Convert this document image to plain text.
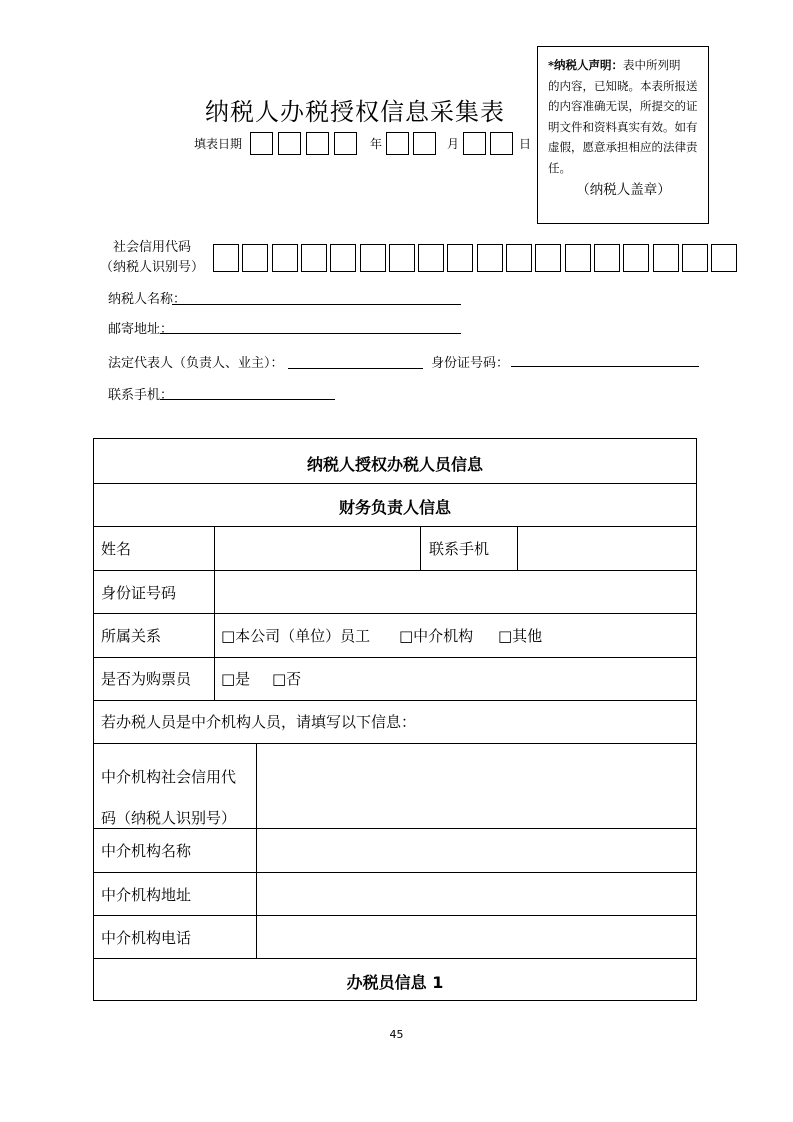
*纳税人声明：表中所列明
的内容，已知晓。本表所报送
的内容准确无误，所提交的证
明文件和资料真实有效。如有
虚假，愿意承担相应的法律责
任。
（纳税人盖章）
纳税人办税授权信息采集表
填表日期	年	月	日
社会信用代码
（纳税人识别号）
纳税人名称：
邮寄地址：
法定代表人（负责人、业主）：	身份证号码：
联系手机：
纳税人授权办税人员信息
财务负责人信息
姓名	联系手机
身份证号码
所属关系	□本公司（单位）员工 □中介机构 □其他
是否为购票员 □是 □否
若办税人员是中介机构人员，请填写以下信息：
中介机构社会信用代
码（纳税人识别号）
中介机构名称
中介机构地址
中介机构电话
办税员信息 1
45
